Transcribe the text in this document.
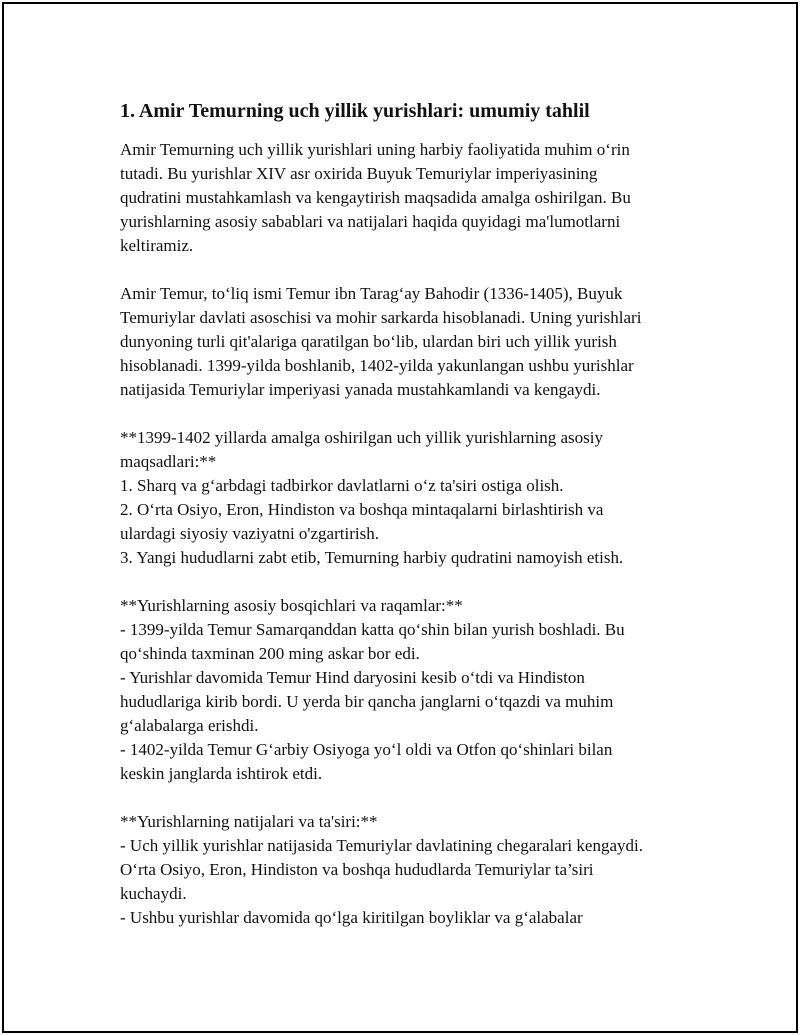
1. Amir Temurning uch yillik yurishlari: umumiy tahlil
Amir Temurning uch yillik yurishlari uning harbiy faoliyatida muhim o‘rin
tutadi. Bu yurishlar XIV asr oxirida Buyuk Temuriylar imperiyasining
qudratini mustahkamlash va kengaytirish maqsadida amalga oshirilgan. Bu
yurishlarning asosiy sabablari va natijalari haqida quyidagi ma'lumotlarni
keltiramiz.
Amir Temur, to‘liq ismi Temur ibn Tarag‘ay Bahodir (1336-1405), Buyuk
Temuriylar davlati asoschisi va mohir sarkarda hisoblanadi. Uning yurishlari
dunyoning turli qit'alariga qaratilgan bo‘lib, ulardan biri uch yillik yurish
hisoblanadi. 1399-yilda boshlanib, 1402-yilda yakunlangan ushbu yurishlar
natijasida Temuriylar imperiyasi yanada mustahkamlandi va kengaydi.
**1399-1402 yillarda amalga oshirilgan uch yillik yurishlarning asosiy
maqsadlari:**
1. Sharq va g‘arbdagi tadbirkor davlatlarni o‘z ta'siri ostiga olish.
2. O‘rta Osiyo, Eron, Hindiston va boshqa mintaqalarni birlashtirish va
ulardagi siyosiy vaziyatni o'zgartirish.
3. Yangi hududlarni zabt etib, Temurning harbiy qudratini namoyish etish.
**Yurishlarning asosiy bosqichlari va raqamlar:**
- 1399-yilda Temur Samarqanddan katta qo‘shin bilan yurish boshladi. Bu
qo‘shinda taxminan 200 ming askar bor edi.
- Yurishlar davomida Temur Hind daryosini kesib o‘tdi va Hindiston
hududlariga kirib bordi. U yerda bir qancha janglarni o‘tqazdi va muhim
g‘alabalarga erishdi.
- 1402-yilda Temur G‘arbiy Osiyoga yo‘l oldi va Otfon qo‘shinlari bilan
keskin janglarda ishtirok etdi.
**Yurishlarning natijalari va ta'siri:**
- Uch yillik yurishlar natijasida Temuriylar davlatining chegaralari kengaydi.
O‘rta Osiyo, Eron, Hindiston va boshqa hududlarda Temuriylar ta’siri
kuchaydi.
- Ushbu yurishlar davomida qo‘lga kiritilgan boyliklar va g‘alabalar
